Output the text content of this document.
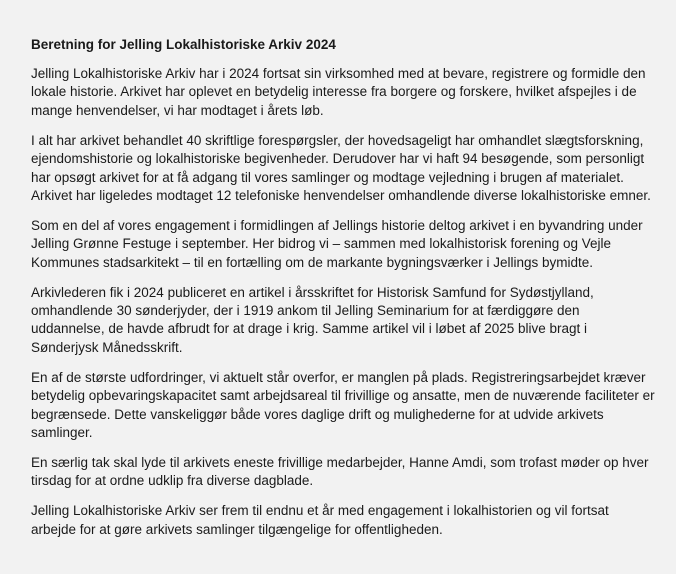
Beretning for Jelling Lokalhistoriske Arkiv 2024

Jelling Lokalhistoriske Arkiv har i 2024 fortsat sin virksomhed med at bevare, registrere og formidle den lokale historie. Arkivet har oplevet en betydelig interesse fra borgere og forskere, hvilket afspejles i de mange henvendelser, vi har modtaget i årets løb.

I alt har arkivet behandlet 40 skriftlige forespørgsler, der hovedsageligt har omhandlet slægtsforskning, ejendomshistorie og lokalhistoriske begivenheder. Derudover har vi haft 94 besøgende, som personligt har opsøgt arkivet for at få adgang til vores samlinger og modtage vejledning i brugen af materialet. Arkivet har ligeledes modtaget 12 telefoniske henvendelser omhandlende diverse lokalhistoriske emner.

Som en del af vores engagement i formidlingen af Jellings historie deltog arkivet i en byvandring under Jelling Grønne Festuge i september. Her bidrog vi – sammen med lokalhistorisk forening og Vejle Kommunes stadsarkitekt – til en fortælling om de markante bygningsværker i Jellings bymidte.

Arkivlederen fik i 2024 publiceret en artikel i årsskriftet for Historisk Samfund for Sydøstjylland, omhandlende 30 sønderjyder, der i 1919 ankom til Jelling Seminarium for at færdiggøre den uddannelse, de havde afbrudt for at drage i krig. Samme artikel vil i løbet af 2025 blive bragt i Sønderjysk Månedsskrift.

En af de største udfordringer, vi aktuelt står overfor, er manglen på plads. Registreringsarbejdet kræver betydelig opbevaringskapacitet samt arbejdsareal til frivillige og ansatte, men de nuværende faciliteter er begrænsede. Dette vanskeliggør både vores daglige drift og mulighederne for at udvide arkivets samlinger.

En særlig tak skal lyde til arkivets eneste frivillige medarbejder, Hanne Amdi, som trofast møder op hver tirsdag for at ordne udklip fra diverse dagblade.

Jelling Lokalhistoriske Arkiv ser frem til endnu et år med engagement i lokalhistorien og vil fortsat arbejde for at gøre arkivets samlinger tilgængelige for offentligheden.
